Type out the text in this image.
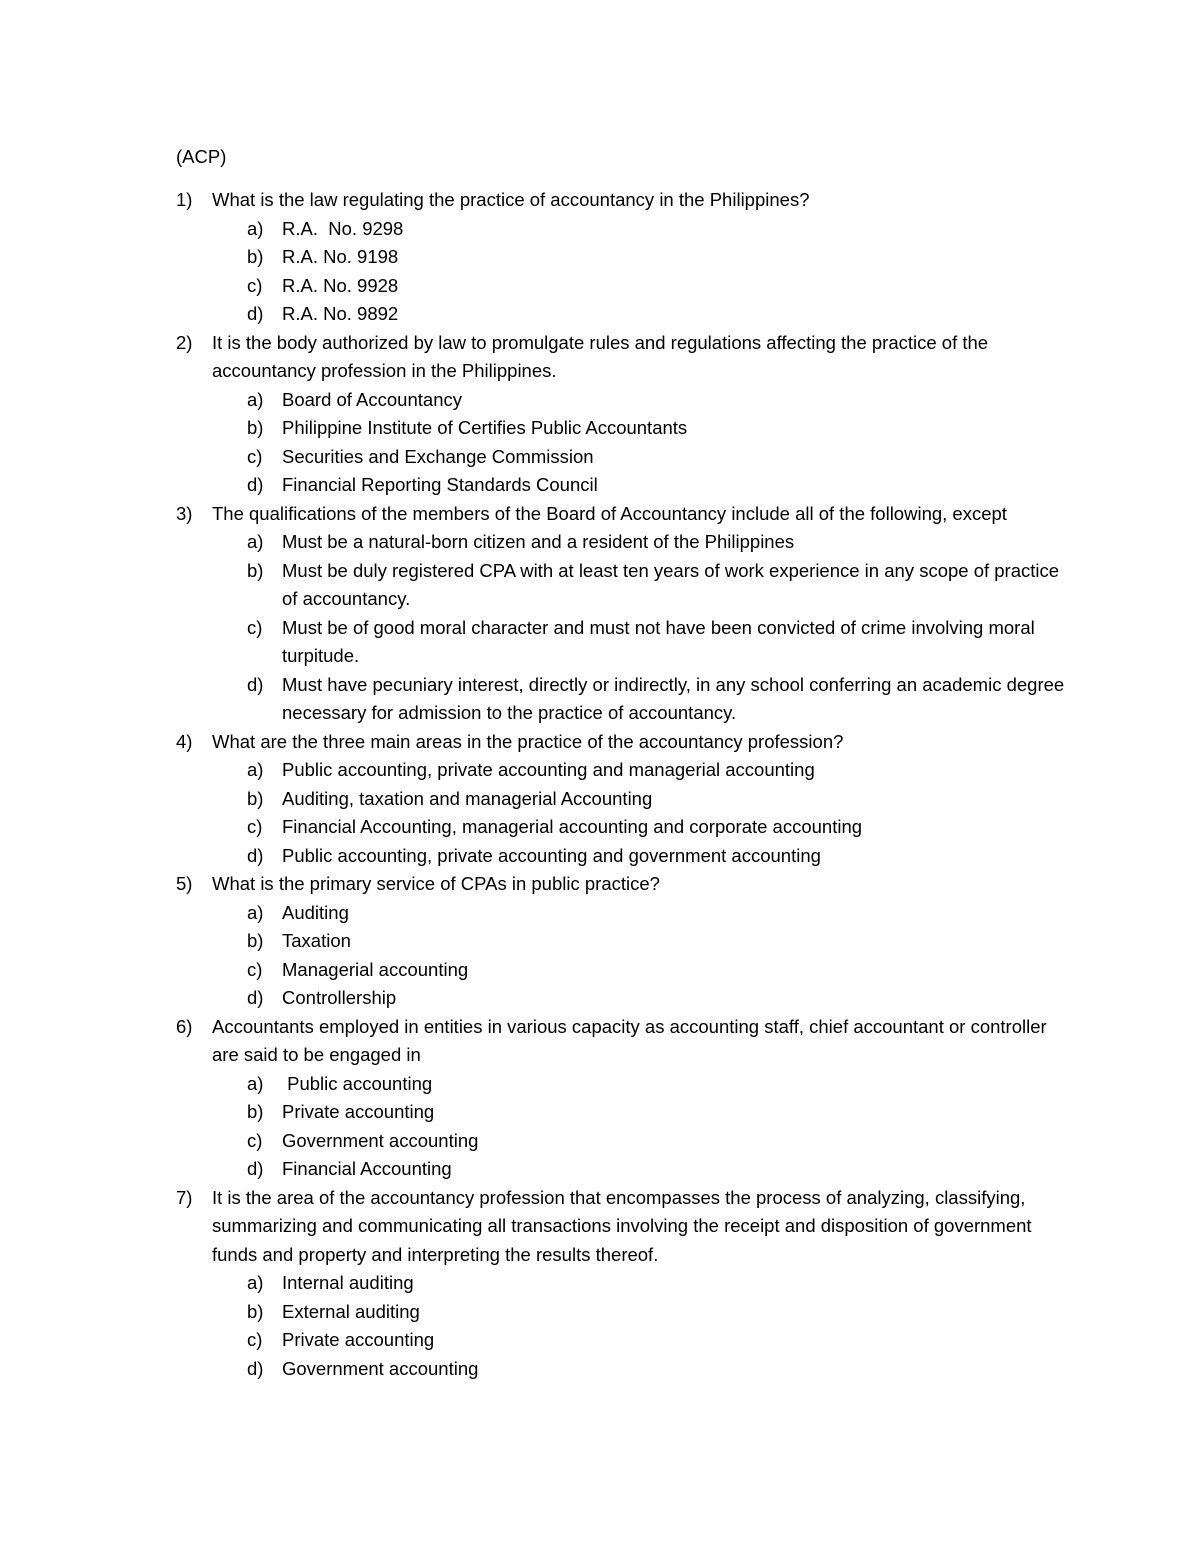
(ACP)
1)	What is the law regulating the practice of accountancy in the Philippines?
a)	R.A.  No. 9298
b)	R.A. No. 9198
c)	R.A. No. 9928
d)	R.A. No. 9892
2)	It is the body authorized by law to promulgate rules and regulations affecting the practice of the accountancy profession in the Philippines.
a)	Board of Accountancy
b)	Philippine Institute of Certifies Public Accountants
c)	Securities and Exchange Commission
d)	Financial Reporting Standards Council
3)	The qualifications of the members of the Board of Accountancy include all of the following, except
a)	Must be a natural-born citizen and a resident of the Philippines
b)	Must be duly registered CPA with at least ten years of work experience in any scope of practice of accountancy.
c)	Must be of good moral character and must not have been convicted of crime involving moral turpitude.
d)	Must have pecuniary interest, directly or indirectly, in any school conferring an academic degree necessary for admission to the practice of accountancy.
4)	What are the three main areas in the practice of the accountancy profession?
a)	Public accounting, private accounting and managerial accounting
b)	Auditing, taxation and managerial Accounting
c)	Financial Accounting, managerial accounting and corporate accounting
d)	Public accounting, private accounting and government accounting
5)	What is the primary service of CPAs in public practice?
a)	Auditing
b)	Taxation
c)	Managerial accounting
d)	Controllership
6)	Accountants employed in entities in various capacity as accounting staff, chief accountant or controller are said to be engaged in
a)	Public accounting
b)	Private accounting
c)	Government accounting
d)	Financial Accounting
7)	It is the area of the accountancy profession that encompasses the process of analyzing, classifying, summarizing and communicating all transactions involving the receipt and disposition of government funds and property and interpreting the results thereof.
a)	Internal auditing
b)	External auditing
c)	Private accounting
d)	Government accounting
